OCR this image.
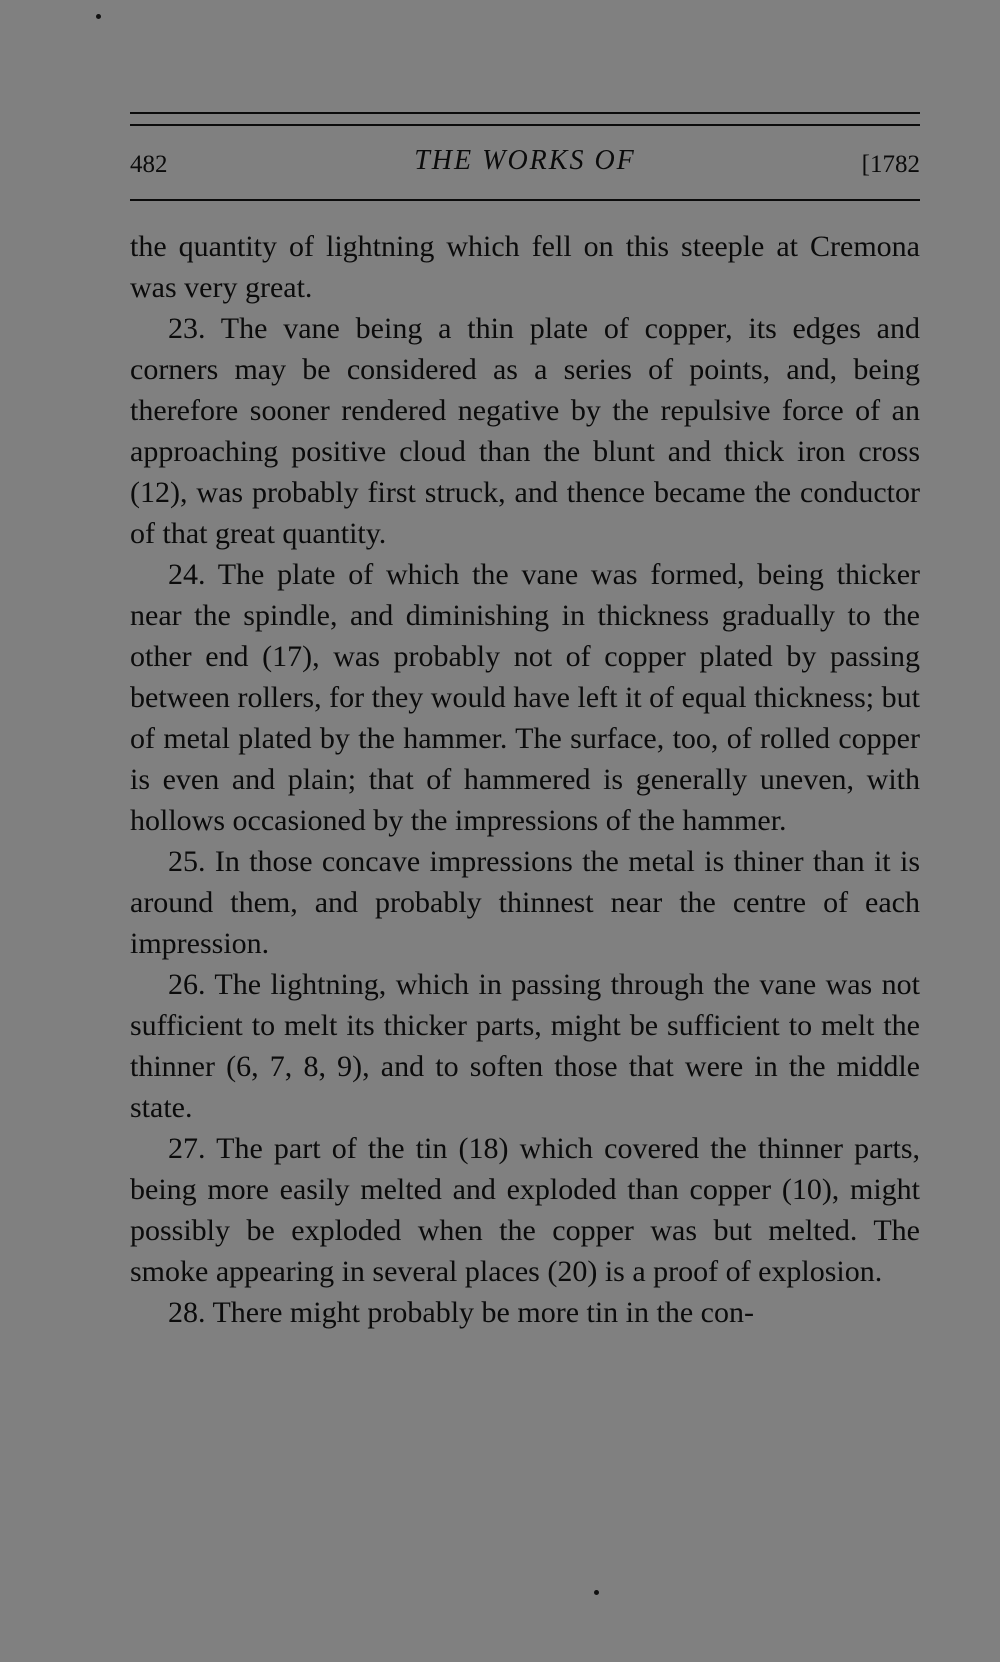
482	THE WORKS OF	[1782

the quantity of lightning which fell on this steeple at Cremona was very great.

23. The vane being a thin plate of copper, its edges and corners may be considered as a series of points, and, being therefore sooner rendered negative by the repulsive force of an approaching positive cloud than the blunt and thick iron cross (12), was probably first struck, and thence became the conductor of that great quantity.

24. The plate of which the vane was formed, being thicker near the spindle, and diminishing in thickness gradually to the other end (17), was probably not of copper plated by passing between rollers, for they would have left it of equal thickness; but of metal plated by the hammer. The surface, too, of rolled copper is even and plain; that of hammered is generally uneven, with hollows occasioned by the impressions of the hammer.

25. In those concave impressions the metal is thiner than it is around them, and probably thinnest near the centre of each impression.

26. The lightning, which in passing through the vane was not sufficient to melt its thicker parts, might be sufficient to melt the thinner (6, 7, 8, 9), and to soften those that were in the middle state.

27. The part of the tin (18) which covered the thinner parts, being more easily melted and exploded than copper (10), might possibly be exploded when the copper was but melted. The smoke appearing in several places (20) is a proof of explosion.

28. There might probably be more tin in the con-
